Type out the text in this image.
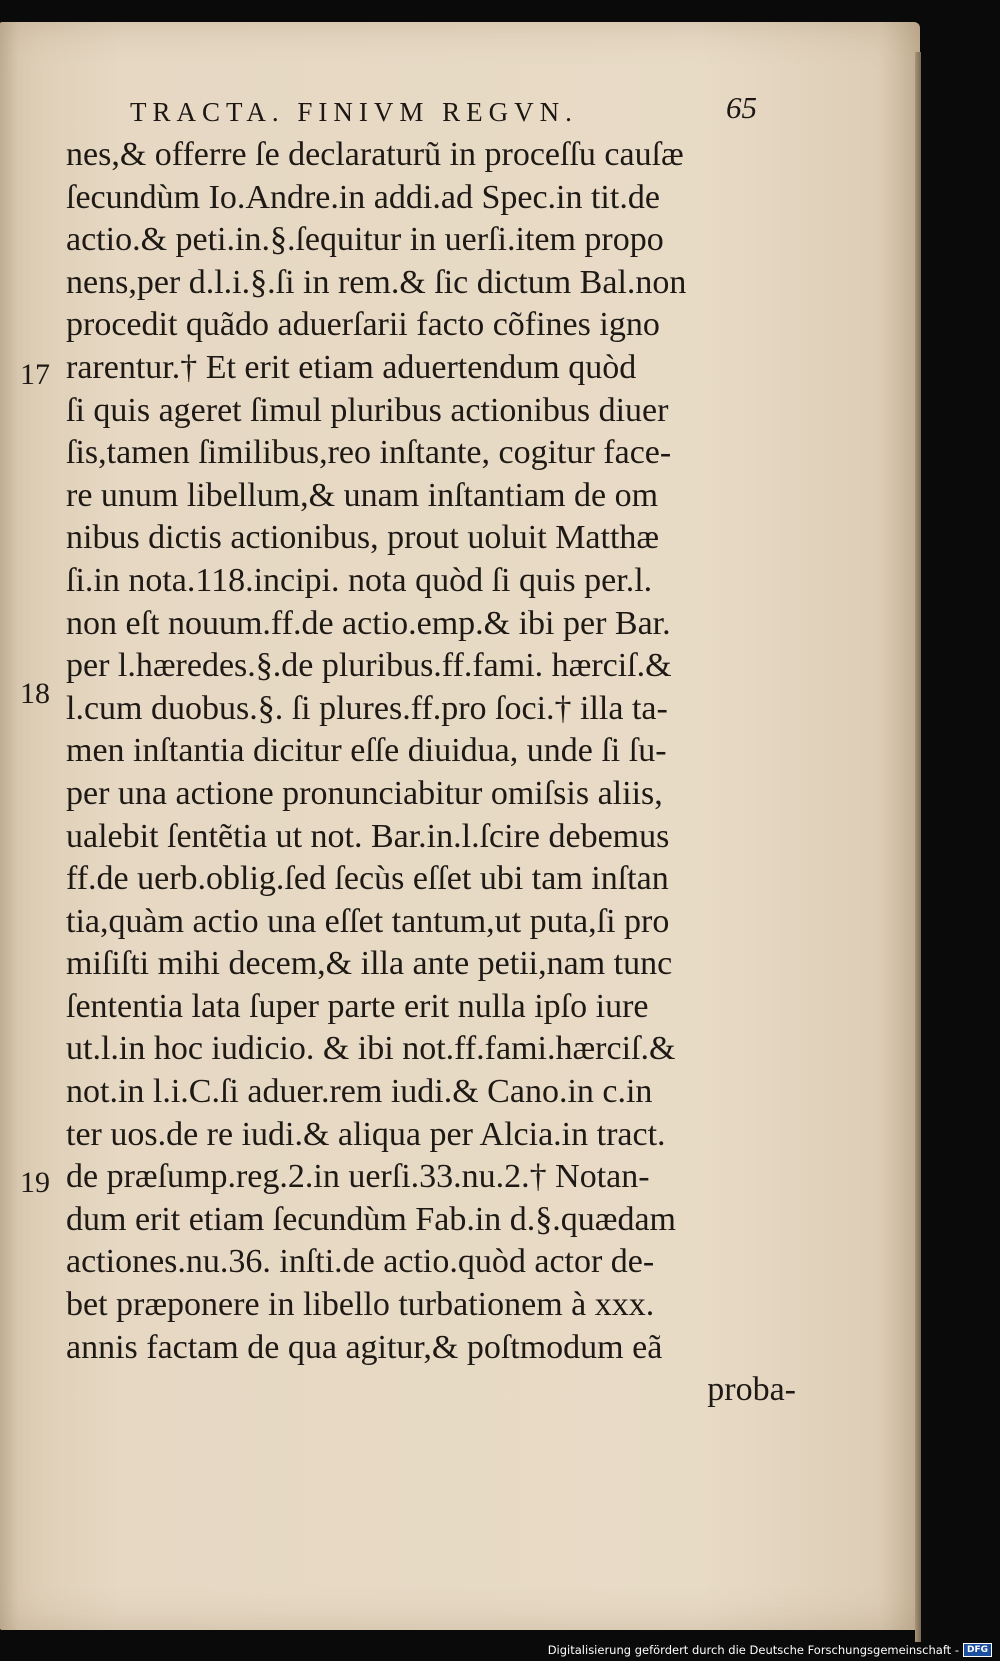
TRACTA. FINIVM REGVN.	65
nes,& offerre ſe declaraturũ in proceſſu cauſæ
ſecundùm Io.Andre.in addi.ad Spec.in tit.de
actio.& peti.in.§.ſequitur in uerſi.item propo
nens,per d.l.i.§.ſi in rem.& ſic dictum Bal.non
procedit quãdo aduerſarii facto cõfines igno
rarentur.† Et erit etiam aduertendum quòd
ſi quis ageret ſimul pluribus actionibus diuer
ſis,tamen ſimilibus,reo inſtante, cogitur face-
re unum libellum,& unam inſtantiam de om
nibus dictis actionibus, prout uoluit Matthæ
ſi.in nota.118.incipi. nota quòd ſi quis per.l.
non eſt nouum.ff.de actio.emp.& ibi per Bar.
per l.hæredes.§.de pluribus.ff.fami. hærciſ.&
l.cum duobus.§. ſi plures.ff.pro ſoci.† illa ta-
men inſtantia dicitur eſſe diuidua, unde ſi ſu-
per una actione pronunciabitur omiſsis aliis,
ualebit ſentẽtia ut not. Bar.in.l.ſcire debemus
ff.de uerb.oblig.ſed ſecùs eſſet ubi tam inſtan
tia,quàm actio una eſſet tantum,ut puta,ſi pro
miſiſti mihi decem,& illa ante petii,nam tunc
ſententia lata ſuper parte erit nulla ipſo iure
ut.l.in hoc iudicio. & ibi not.ff.fami.hærciſ.&
not.in l.i.C.ſi aduer.rem iudi.& Cano.in c.in
ter uos.de re iudi.& aliqua per Alcia.in tract.
de præſump.reg.2.in uerſi.33.nu.2.† Notan-
dum erit etiam ſecundùm Fab.in d.§.quædam
actiones.nu.36. inſti.de actio.quòd actor de-
bet præponere in libello turbationem à xxx.
annis factam de qua agitur,& poſtmodum eã
proba-
17
18
19
Digitalisierung gefördert durch die Deutsche Forschungsgemeinschaft - DFG
